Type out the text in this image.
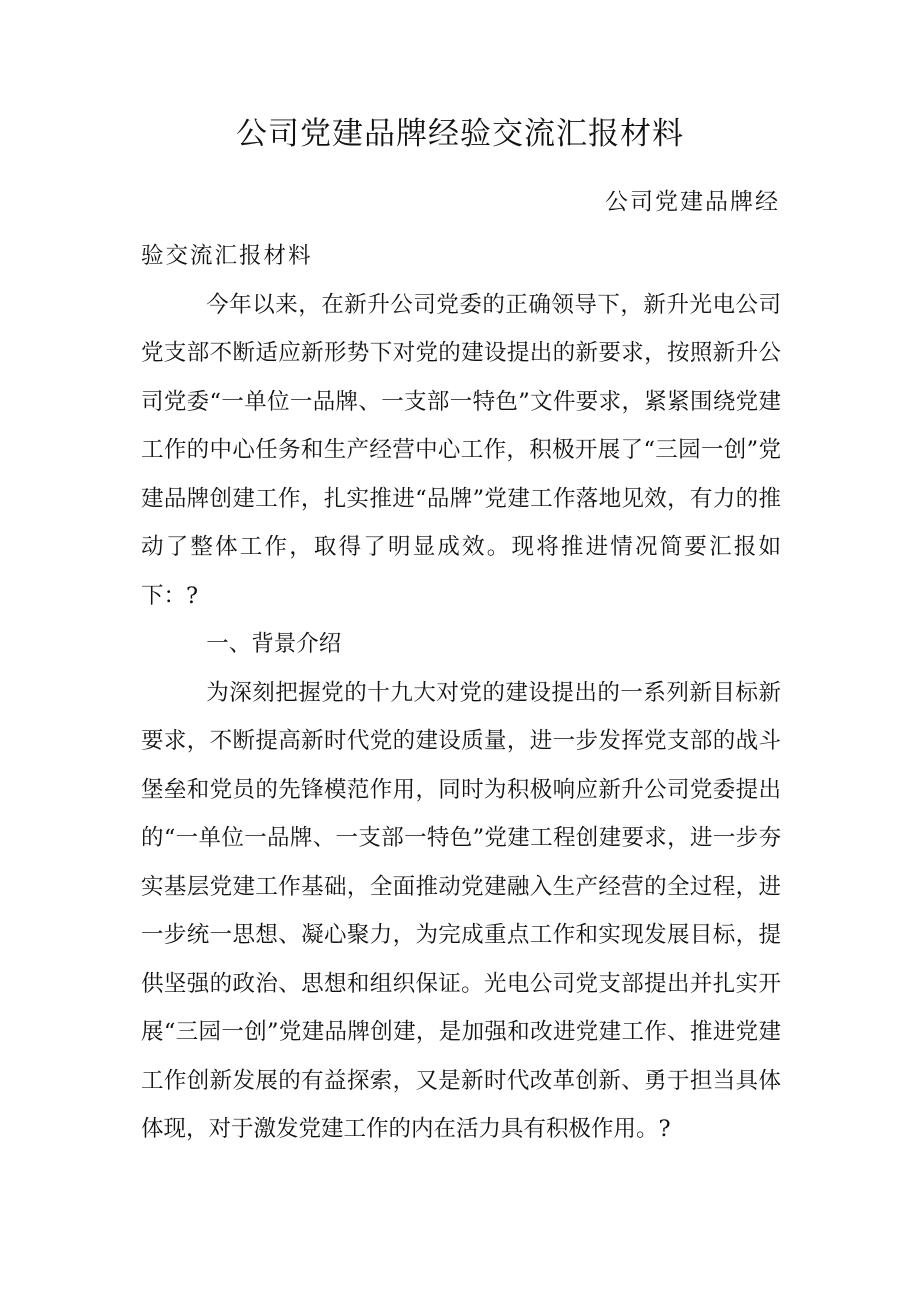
公司党建品牌经验交流汇报材料
公司党建品牌经

验交流汇报材料

今年以来，在新升公司党委的正确领导下，新升光电公司党支部不断适应新形势下对党的建设提出的新要求，按照新升公司党委“一单位一品牌、一支部一特色”文件要求，紧紧围绕党建工作的中心任务和生产经营中心工作，积极开展了“三园一创”党建品牌创建工作，扎实推进“品牌”党建工作落地见效，有力的推动了整体工作，取得了明显成效。现将推进情况简要汇报如下：?

一、背景介绍

为深刻把握党的十九大对党的建设提出的一系列新目标新要求，不断提高新时代党的建设质量，进一步发挥党支部的战斗堡垒和党员的先锋模范作用，同时为积极响应新升公司党委提出的“一单位一品牌、一支部一特色”党建工程创建要求，进一步夯实基层党建工作基础，全面推动党建融入生产经营的全过程，进一步统一思想、凝心聚力，为完成重点工作和实现发展目标，提供坚强的政治、思想和组织保证。光电公司党支部提出并扎实开展“三园一创”党建品牌创建，是加强和改进党建工作、推进党建工作创新发展的有益探索，又是新时代改革创新、勇于担当具体体现，对于激发党建工作的内在活力具有积极作用。?
